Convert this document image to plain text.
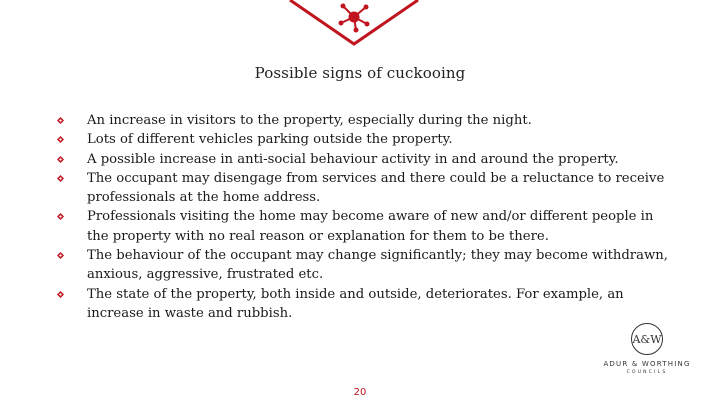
Possible signs of cuckooing
An increase in visitors to the property, especially during the night.
Lots of different vehicles parking outside the property.
A possible increase in anti-social behaviour activity in and around the property.
The occupant may disengage from services and there could be a reluctance to receive professionals at the home address.
Professionals visiting the home may become aware of new and/or different people in the property with no real reason or explanation for them to be there.
The behaviour of the occupant may change significantly; they may become withdrawn, anxious, aggressive, frustrated etc.
The state of the property, both inside and outside, deteriorates. For example, an increase in waste and rubbish.
A&W
ADUR & WORTHING
COUNCILS
20
